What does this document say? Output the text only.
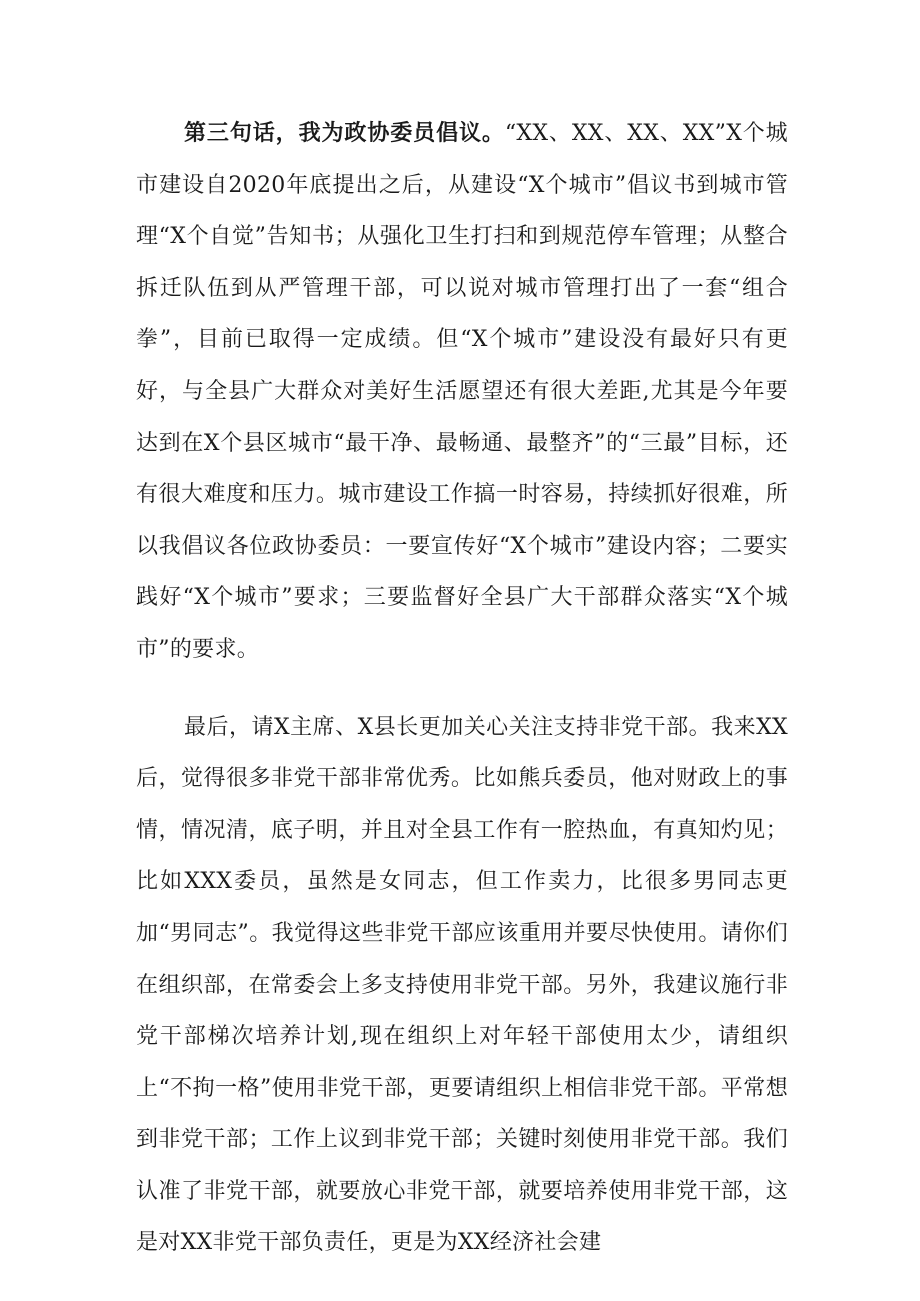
第三句话，我为政协委员倡议。“XX、XX、XX、XX”X个城市建设自2020年底提出之后，从建设“X个城市”倡议书到城市管理“X个自觉”告知书；从强化卫生打扫和到规范停车管理；从整合拆迁队伍到从严管理干部，可以说对城市管理打出了一套“组合拳”，目前已取得一定成绩。但“X个城市”建设没有最好只有更好，与全县广大群众对美好生活愿望还有很大差距,尤其是今年要达到在X个县区城市“最干净、最畅通、最整齐”的“三最”目标，还有很大难度和压力。城市建设工作搞一时容易，持续抓好很难，所以我倡议各位政协委员：一要宣传好“X个城市”建设内容；二要实践好“X个城市”要求；三要监督好全县广大干部群众落实“X个城市”的要求。

最后，请X主席、X县长更加关心关注支持非党干部。我来XX后，觉得很多非党干部非常优秀。比如熊兵委员，他对财政上的事情，情况清，底子明，并且对全县工作有一腔热血，有真知灼见；比如XXX委员，虽然是女同志，但工作卖力，比很多男同志更加“男同志”。我觉得这些非党干部应该重用并要尽快使用。请你们在组织部，在常委会上多支持使用非党干部。另外，我建议施行非党干部梯次培养计划,现在组织上对年轻干部使用太少，请组织上“不拘一格”使用非党干部，更要请组织上相信非党干部。平常想到非党干部；工作上议到非党干部；关键时刻使用非党干部。我们认准了非党干部，就要放心非党干部，就要培养使用非党干部，这是对XX非党干部负责任，更是为XX经济社会建
